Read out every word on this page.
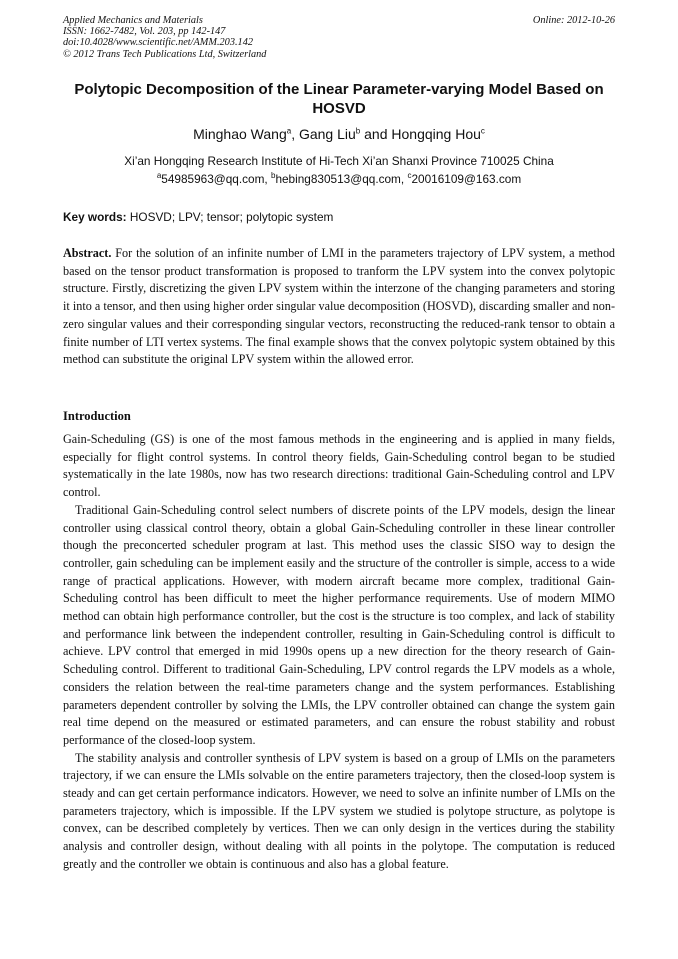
Applied Mechanics and Materials
ISSN: 1662-7482, Vol. 203, pp 142-147
doi:10.4028/www.scientific.net/AMM.203.142
© 2012 Trans Tech Publications Ltd, Switzerland
Online: 2012-10-26
Polytopic Decomposition of the Linear Parameter-varying Model Based on HOSVD
Minghao Wang$^a$, Gang Liu$^b$ and Hongqing Hou$^c$
Xi’an Hongqing Research Institute of Hi-Tech Xi’an Shanxi Province 710025 China
$^a$54985963@qq.com, $^b$hebing830513@qq.com, $^c$20016109@163.com
Key words: HOSVD; LPV; tensor; polytopic system

Abstract. For the solution of an infinite number of LMI in the parameters trajectory of LPV system, a method based on the tensor product transformation is proposed to tranform the LPV system into the convex polytopic structure. Firstly, discretizing the given LPV system within the interzone of the changing parameters and storing it into a tensor, and then using higher order singular value decomposition (HOSVD), discarding smaller and non-zero singular values and their corresponding singular vectors, reconstructing the reduced-rank tensor to obtain a finite number of LTI vertex systems. The final example shows that the convex polytopic system obtained by this method can substitute the original LPV system within the allowed error.

Introduction

Gain-Scheduling (GS) is one of the most famous methods in the engineering and is applied in many fields, especially for flight control systems. In control theory fields, Gain-Scheduling control began to be studied systematically in the late 1980s, now has two research directions: traditional Gain-Scheduling control and LPV control.

Traditional Gain-Scheduling control select numbers of discrete points of the LPV models, design the linear controller using classical control theory, obtain a global Gain-Scheduling controller in these linear controller though the preconcerted scheduler program at last. This method uses the classic SISO way to design the controller, gain scheduling can be implement easily and the structure of the controller is simple, access to a wide range of practical applications. However, with modern aircraft became more complex, traditional Gain-Scheduling control has been difficult to meet the higher performance requirements. Use of modern MIMO method can obtain high performance controller, but the cost is the structure is too complex, and lack of stability and performance link between the independent controller, resulting in Gain-Scheduling control is difficult to achieve. LPV control that emerged in mid 1990s opens up a new direction for the theory research of Gain-Scheduling control. Different to traditional Gain-Scheduling, LPV control regards the LPV models as a whole, considers the relation between the real-time parameters change and the system performances. Establishing parameters dependent controller by solving the LMIs, the LPV controller obtained can change the system gain real time depend on the measured or estimated parameters, and can ensure the robust stability and robust performance of the closed-loop system.

The stability analysis and controller synthesis of LPV system is based on a group of LMIs on the parameters trajectory, if we can ensure the LMIs solvable on the entire parameters trajectory, then the closed-loop system is steady and can get certain performance indicators. However, we need to solve an infinite number of LMIs on the parameters trajectory, which is impossible. If the LPV system we studied is polytope structure, as polytope is convex, can be described completely by vertices. Then we can only design in the vertices during the stability analysis and controller design, without dealing with all points in the polytope. The computation is reduced greatly and the controller we obtain is continuous and also has a global feature.
